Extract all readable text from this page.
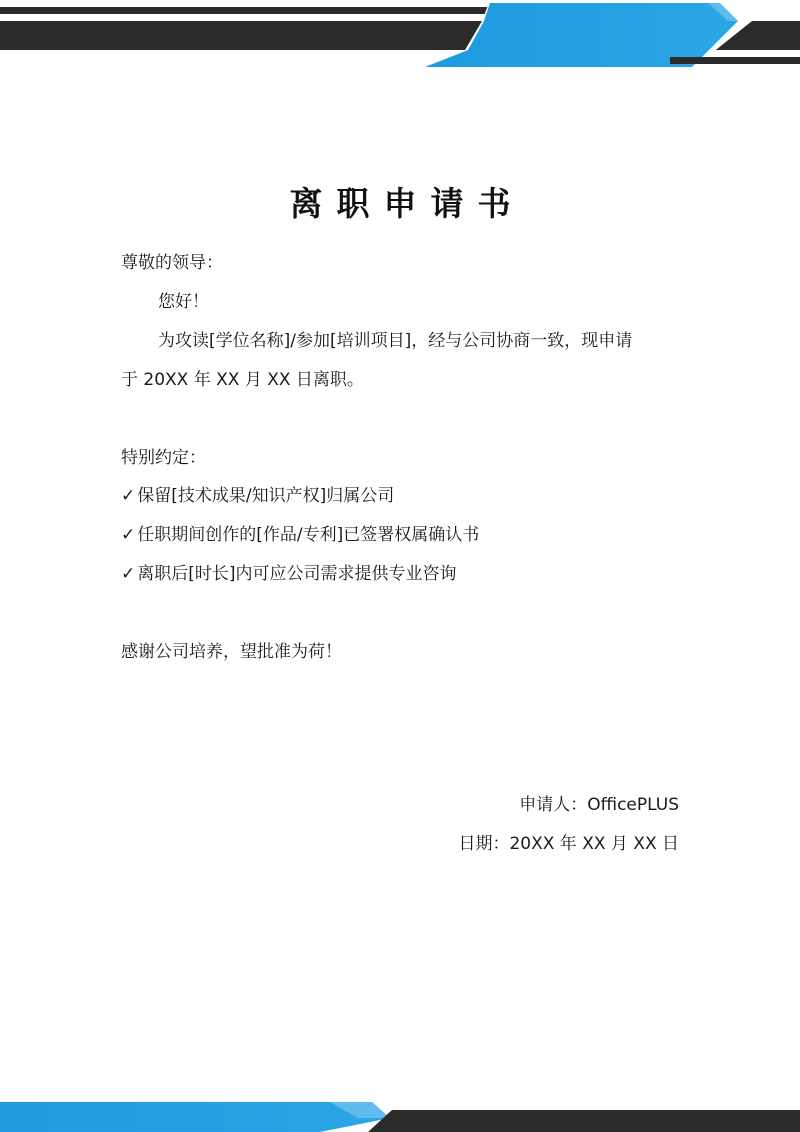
离职申请书
尊敬的领导：
您好！
为攻读[学位名称]/参加[培训项目]，经与公司协商一致，现申请
于 20XX 年 XX 月 XX 日离职。
特别约定：
✓ 保留[技术成果/知识产权]归属公司
✓ 任职期间创作的[作品/专利]已签署权属确认书
✓ 离职后[时长]内可应公司需求提供专业咨询
感谢公司培养，望批准为荷！
申请人：OfficePLUS
日期：20XX 年 XX 月 XX 日
